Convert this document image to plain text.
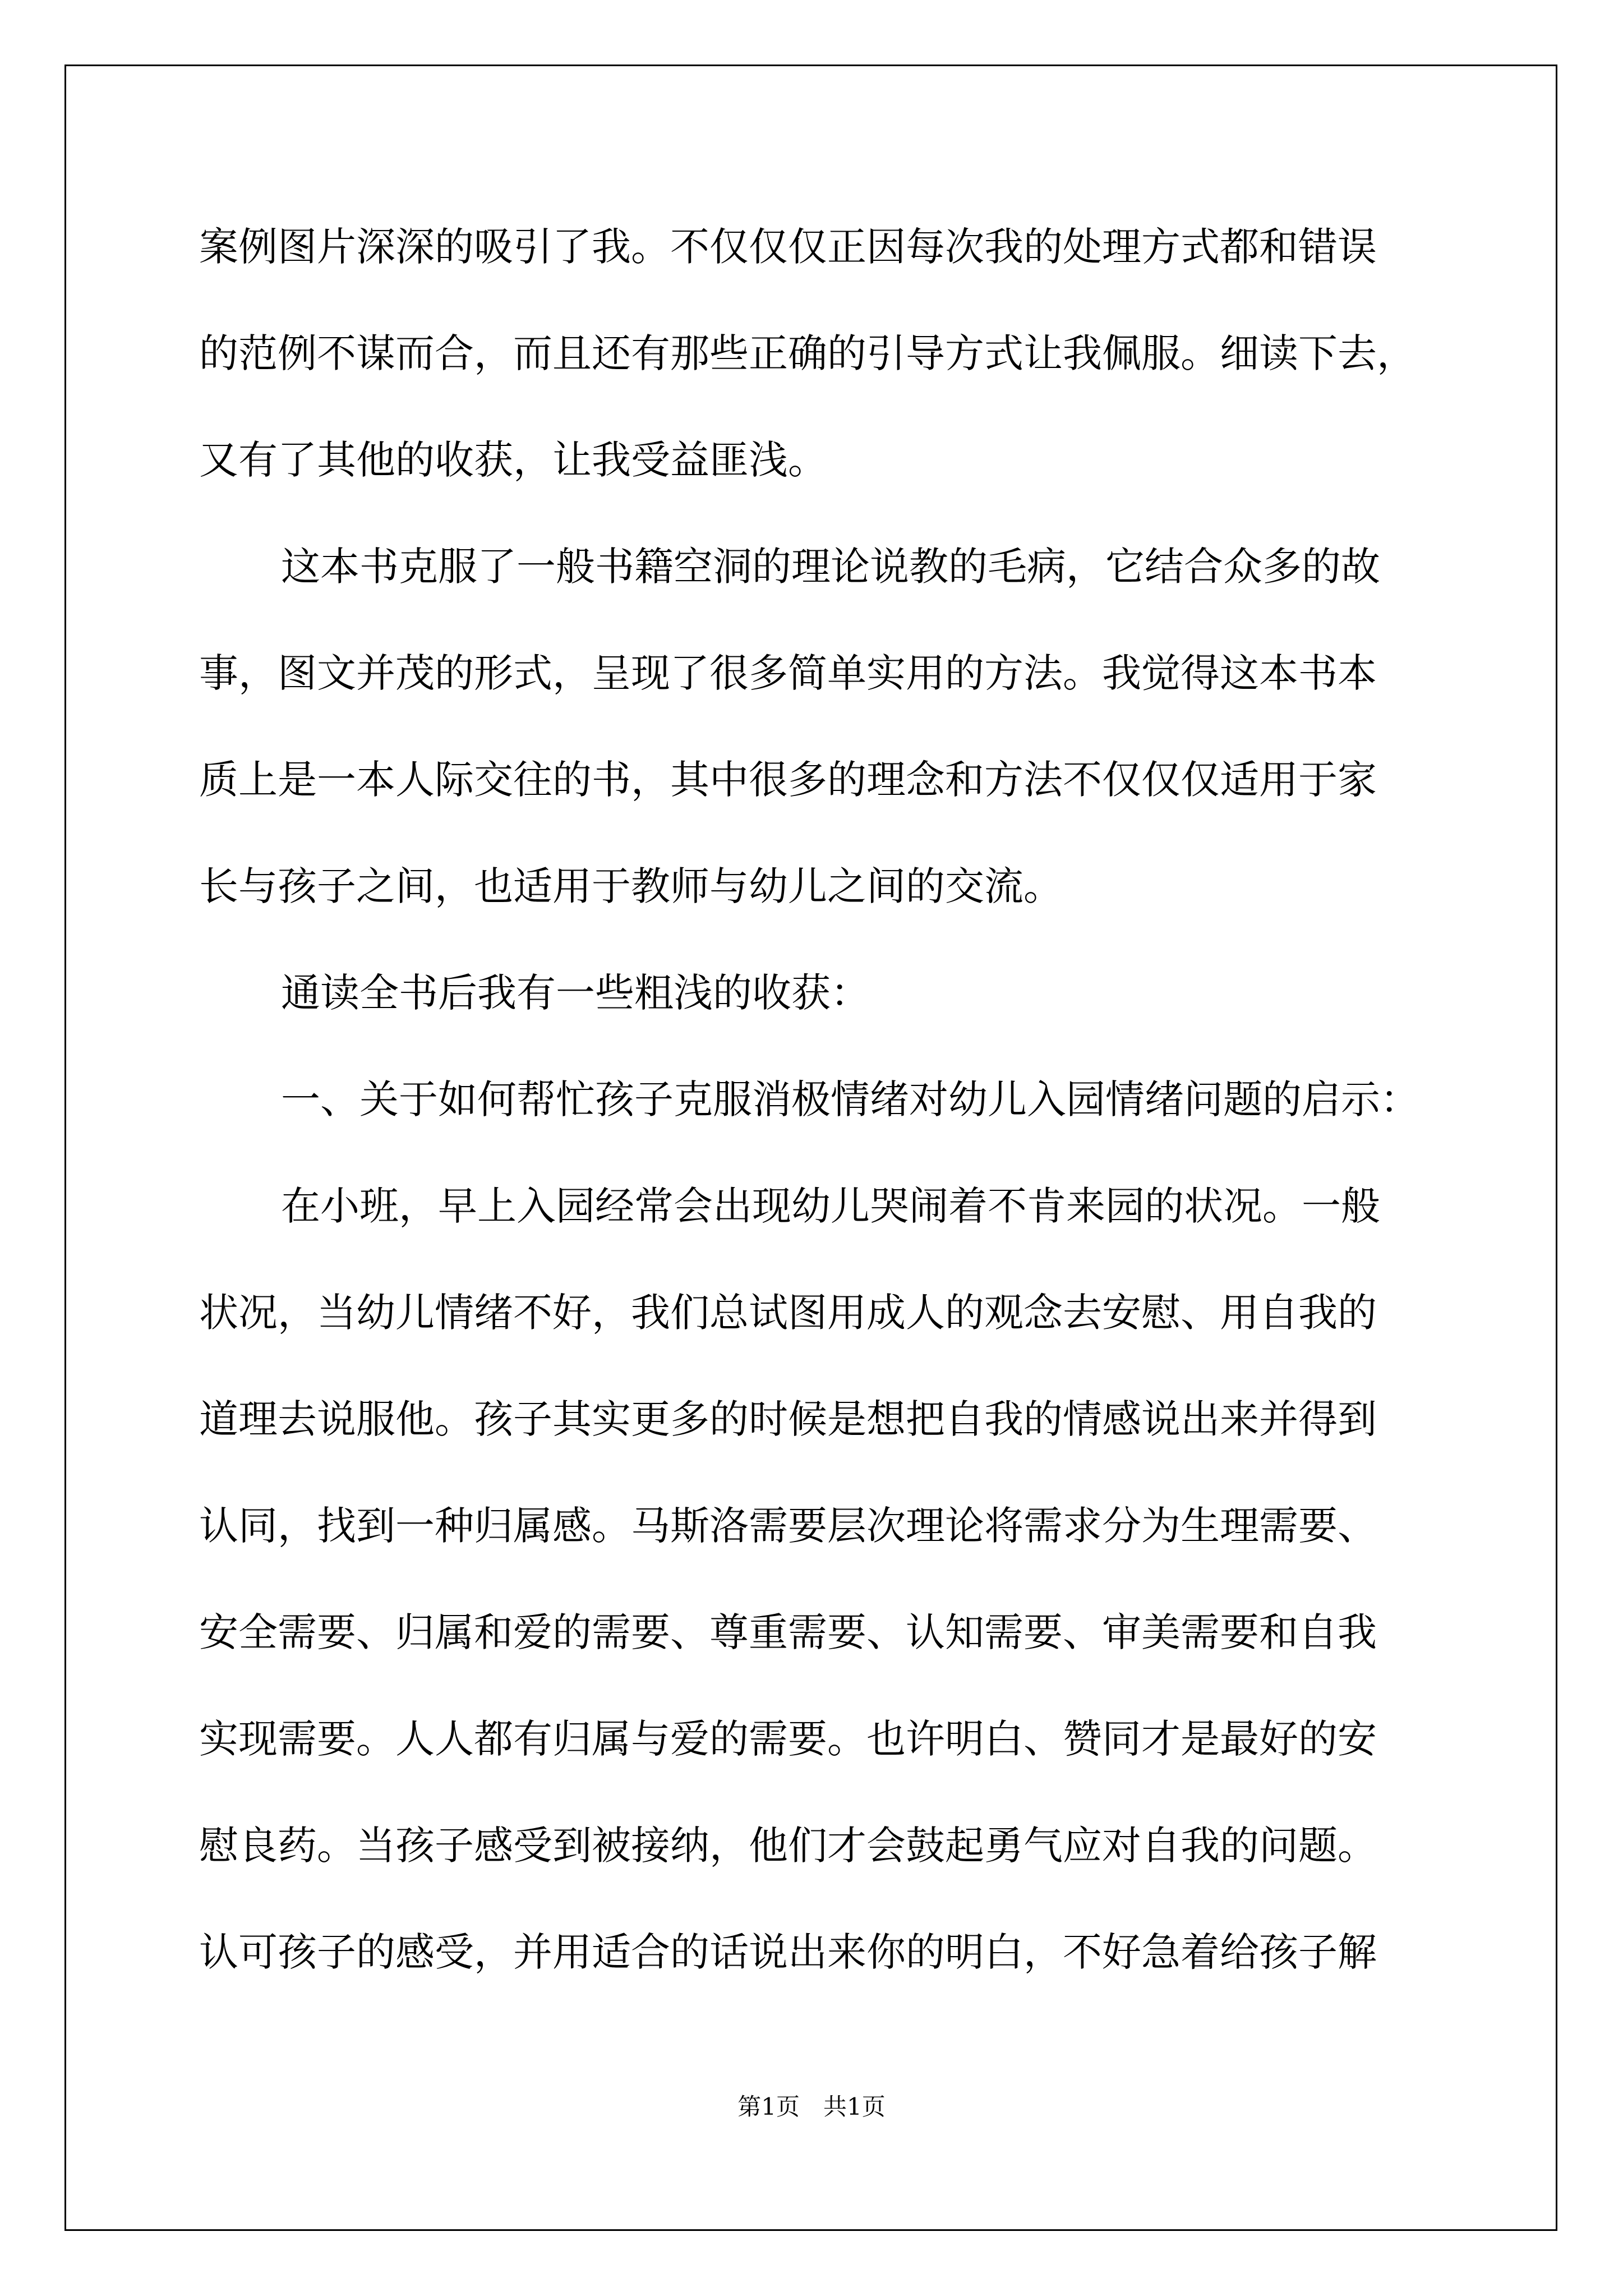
案例图片深深的吸引了我。不仅仅仅正因每次我的处理方式都和错误

的范例不谋而合，而且还有那些正确的引导方式让我佩服。细读下去，

又有了其他的收获，让我受益匪浅。

这本书克服了一般书籍空洞的理论说教的毛病，它结合众多的故

事，图文并茂的形式，呈现了很多简单实用的方法。我觉得这本书本

质上是一本人际交往的书，其中很多的理念和方法不仅仅仅适用于家

长与孩子之间，也适用于教师与幼儿之间的交流。

通读全书后我有一些粗浅的收获：

一、关于如何帮忙孩子克服消极情绪对幼儿入园情绪问题的启示：

在小班，早上入园经常会出现幼儿哭闹着不肯来园的状况。一般

状况，当幼儿情绪不好，我们总试图用成人的观念去安慰、用自我的

道理去说服他。孩子其实更多的时候是想把自我的情感说出来并得到

认同，找到一种归属感。马斯洛需要层次理论将需求分为生理需要、

安全需要、归属和爱的需要、尊重需要、认知需要、审美需要和自我

实现需要。人人都有归属与爱的需要。也许明白、赞同才是最好的安

慰良药。当孩子感受到被接纳，他们才会鼓起勇气应对自我的问题。

认可孩子的感受，并用适合的话说出来你的明白，不好急着给孩子解

第1页　共1页
